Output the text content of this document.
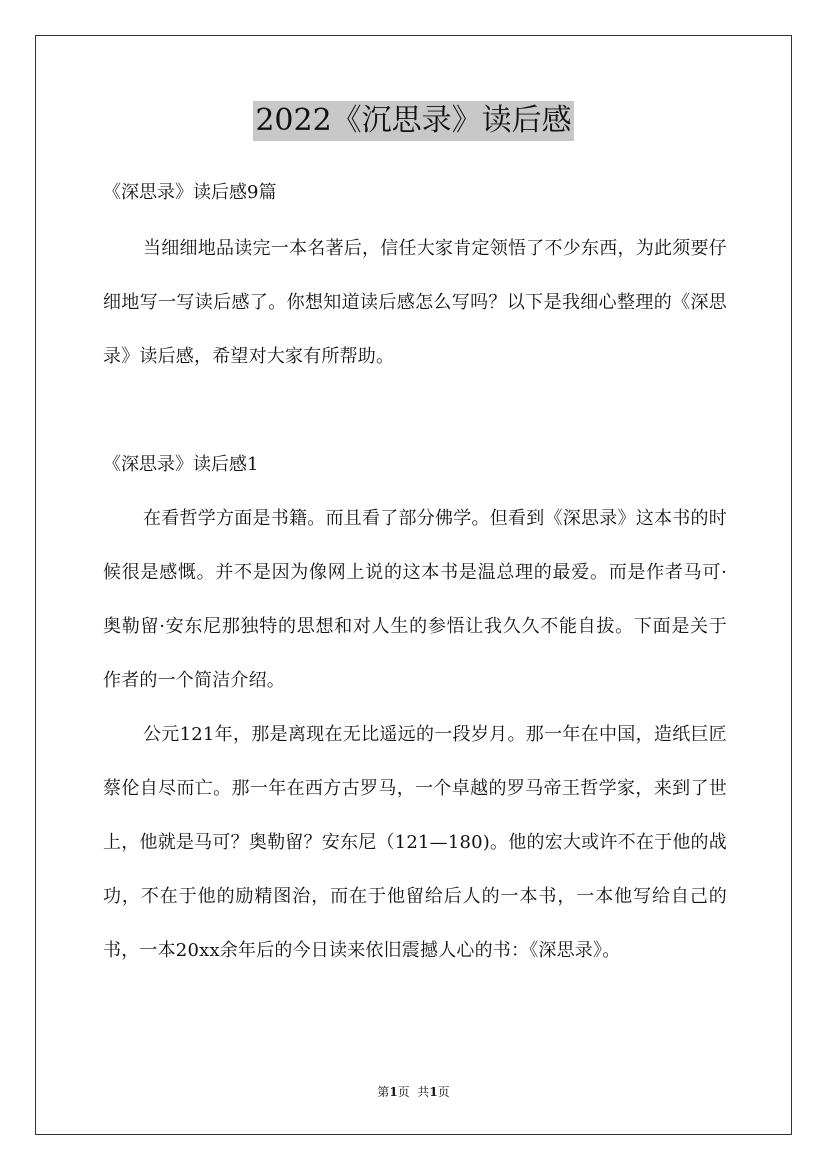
2022《沉思录》读后感
《深思录》读后感9篇

当细细地品读完一本名著后，信任大家肯定领悟了不少东西，为此须要仔细地写一写读后感了。你想知道读后感怎么写吗？以下是我细心整理的《深思录》读后感，希望对大家有所帮助。

《深思录》读后感1

在看哲学方面是书籍。而且看了部分佛学。但看到《深思录》这本书的时候很是感慨。并不是因为像网上说的这本书是温总理的最爱。而是作者马可·奥勒留·安东尼那独特的思想和对人生的参悟让我久久不能自拔。下面是关于作者的一个简洁介绍。

公元121年，那是离现在无比遥远的一段岁月。那一年在中国，造纸巨匠蔡伦自尽而亡。那一年在西方古罗马，一个卓越的罗马帝王哲学家，来到了世上，他就是马可？奥勒留？安东尼（121—180)。他的宏大或许不在于他的战功，不在于他的励精图治，而在于他留给后人的一本书，一本他写给自己的书，一本20xx余年后的今日读来依旧震撼人心的书：《深思录》。

第1页  共1页
